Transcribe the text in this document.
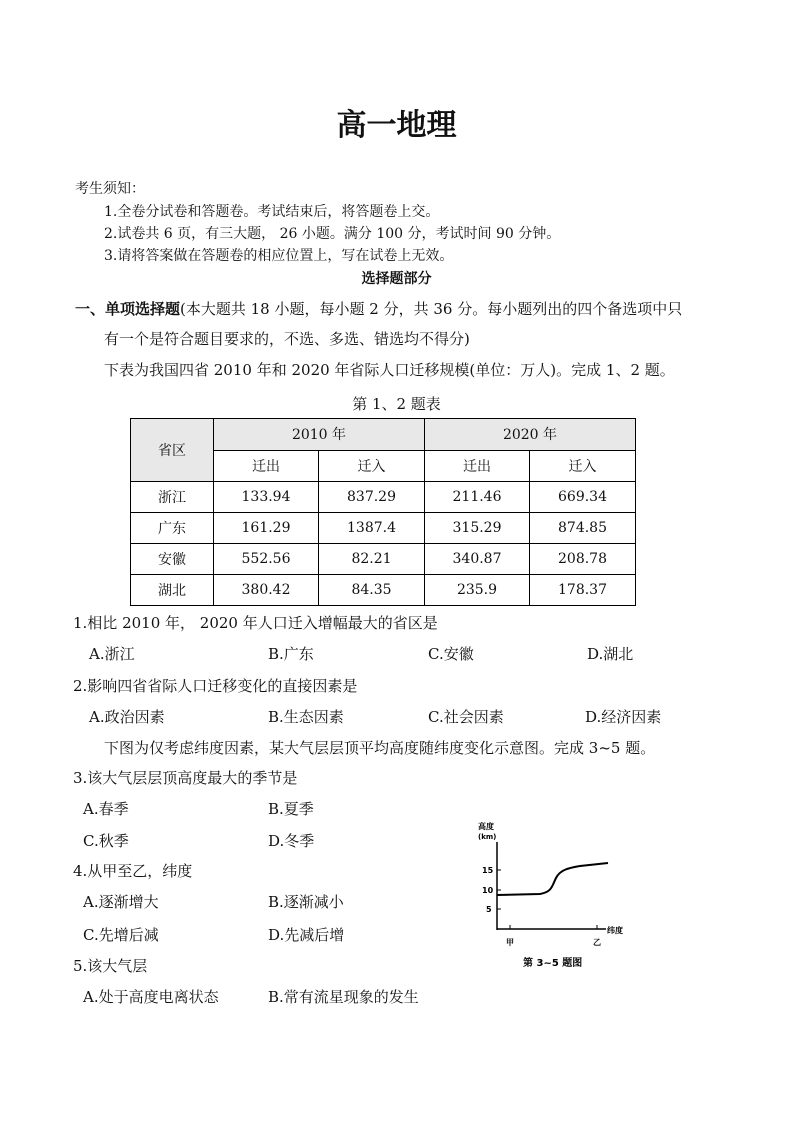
高一地理
考生须知：
1.全卷分试卷和答题卷。考试结束后，将答题卷上交。
2.试卷共 6 页，有三大题， 26 小题。满分 100 分，考试时间 90 分钟。
3.请将答案做在答题卷的相应位置上，写在试卷上无效。
选择题部分
一、单项选择题(本大题共 18 小题，每小题 2 分，共 36 分。每小题列出的四个备选项中只
有一个是符合题目要求的，不选、多选、错选均不得分)
下表为我国四省 2010 年和 2020 年省际人口迁移规模(单位：万人)。完成 1、2 题。
第 1、2 题表
省区	2010 年		2020 年	
	迁出	迁入	迁出	迁入
浙江	133.94	837.29	211.46	669.34
广东	161.29	1387.4	315.29	874.85
安徽	552.56	82.21	340.87	208.78
湖北	380.42	84.35	235.9	178.37
1.相比 2010 年， 2020 年人口迁入增幅最大的省区是
A.浙江	B.广东	C.安徽	D.湖北
2.影响四省省际人口迁移变化的直接因素是
A.政治因素	B.生态因素	C.社会因素	D.经济因素
下图为仅考虑纬度因素，某大气层层顶平均高度随纬度变化示意图。完成 3~5 题。
3.该大气层层顶高度最大的季节是
A.春季	B.夏季
C.秋季	D.冬季
4.从甲至乙，纬度
A.逐渐增大	B.逐渐减小
C.先增后减	D.先减后增
5.该大气层
A.处于高度电离状态	B.常有流星现象的发生
高度
(km)
15
10
5
甲	乙
纬度
第 3~5 题图
